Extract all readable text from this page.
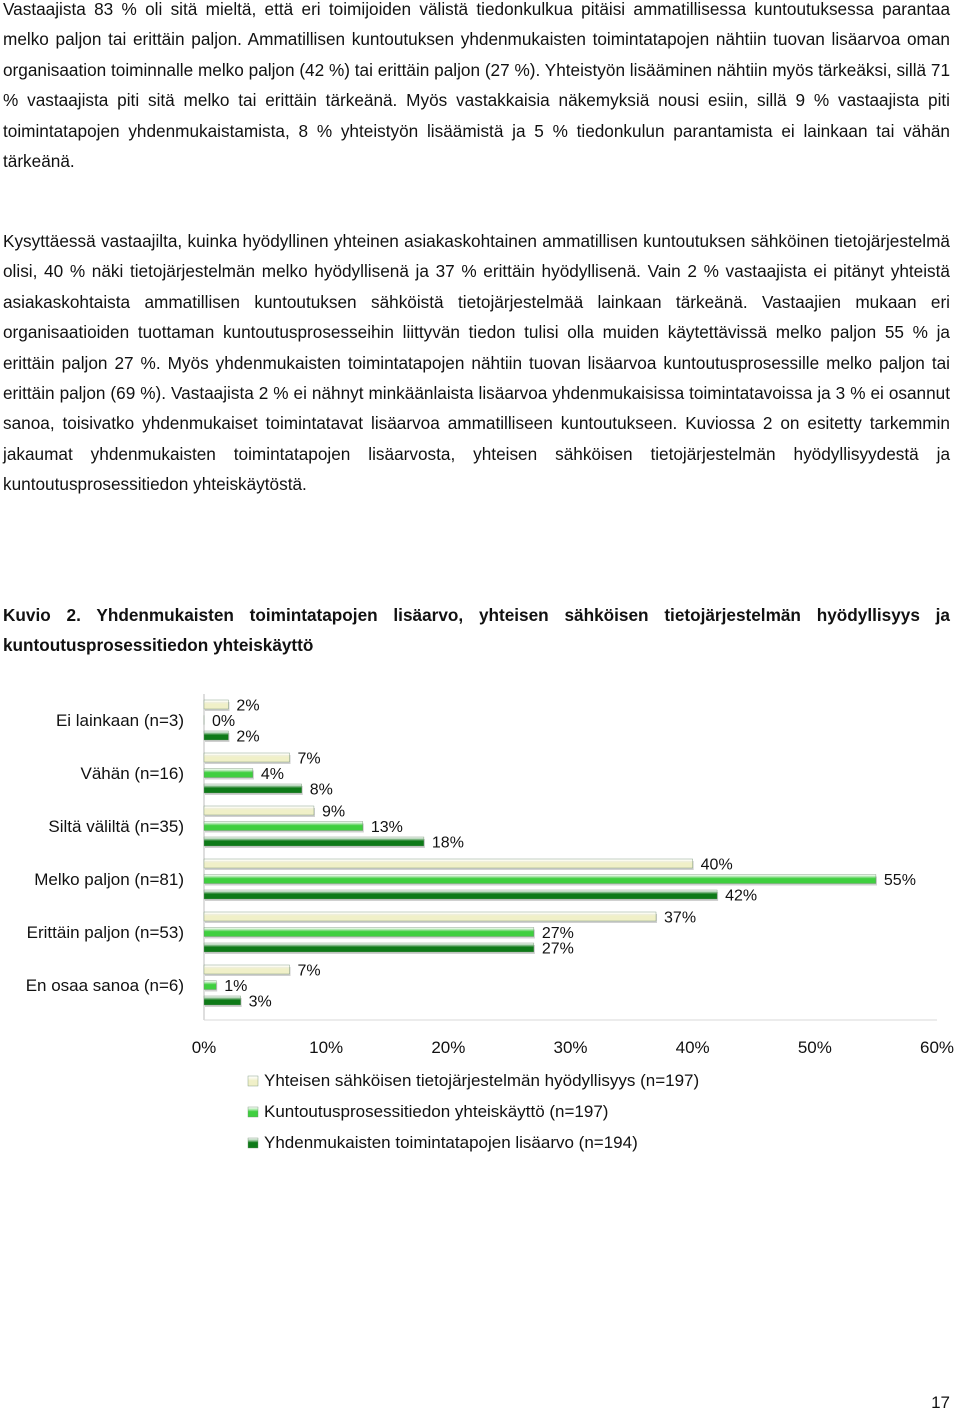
Vastaajista 83 % oli sitä mieltä, että eri toimijoiden välistä tiedonkulkua pitäisi ammatillisessa kuntoutuksessa parantaa melko paljon tai erittäin paljon. Ammatillisen kuntoutuksen yhdenmukaisten toimintatapojen nähtiin tuovan lisäarvoa oman organisaation toiminnalle melko paljon (42 %) tai erittäin paljon (27 %). Yhteistyön lisääminen nähtiin myös tärkeäksi, sillä 71 % vastaajista piti sitä melko tai erittäin tärkeänä. Myös vastakkaisia näkemyksiä nousi esiin, sillä 9 % vastaajista piti toimintatapojen yhdenmukaistamista, 8 % yhteistyön lisäämistä ja 5 % tiedonkulun parantamista ei lainkaan tai vähän tärkeänä.

Kysyttäessä vastaajilta, kuinka hyödyllinen yhteinen asiakaskohtainen ammatillisen kuntoutuksen sähköinen tietojärjestelmä olisi, 40 % näki tietojärjestelmän melko hyödyllisenä ja 37 % erittäin hyödyllisenä. Vain 2 % vastaajista ei pitänyt yhteistä asiakaskohtaista ammatillisen kuntoutuksen sähköistä tietojärjestelmää lainkaan tärkeänä. Vastaajien mukaan eri organisaatioiden tuottaman kuntoutusprosesseihin liittyvän tiedon tulisi olla muiden käytettävissä melko paljon 55 % ja erittäin paljon 27 %. Myös yhdenmukaisten toimintatapojen nähtiin tuovan lisäarvoa kuntoutusprosessille melko paljon tai erittäin paljon (69 %). Vastaajista 2 % ei nähnyt minkäänlaista lisäarvoa yhdenmukaisissa toimintatavoissa ja 3 % ei osannut sanoa, toisivatko yhdenmukaiset toimintatavat lisäarvoa ammatilliseen kuntoutukseen. Kuviossa 2 on esitetty tarkemmin jakaumat yhdenmukaisten toimintatapojen lisäarvosta, yhteisen sähköisen tietojärjestelmän hyödyllisyydestä ja kuntoutusprosessitiedon yhteiskäytöstä.

Kuvio 2. Yhdenmukaisten toimintatapojen lisäarvo, yhteisen sähköisen tietojärjestelmän hyödyllisyys ja kuntoutusprosessitiedon yhteiskäyttö

Ei lainkaan (n=3)
2%
0%
2%
Vähän (n=16)
7%
4%
8%
Siltä väliltä (n=35)
9%
13%
18%
Melko paljon (n=81)
40%
55%
42%
Erittäin paljon (n=53)
37%
27%
27%
En osaa sanoa (n=6)
7%
1%
3%
0%	10%	20%	30%	40%	50%	60%
Yhteisen sähköisen tietojärjestelmän hyödyllisyys (n=197)
Kuntoutusprosessitiedon yhteiskäyttö (n=197)
Yhdenmukaisten toimintatapojen lisäarvo (n=194)
17
